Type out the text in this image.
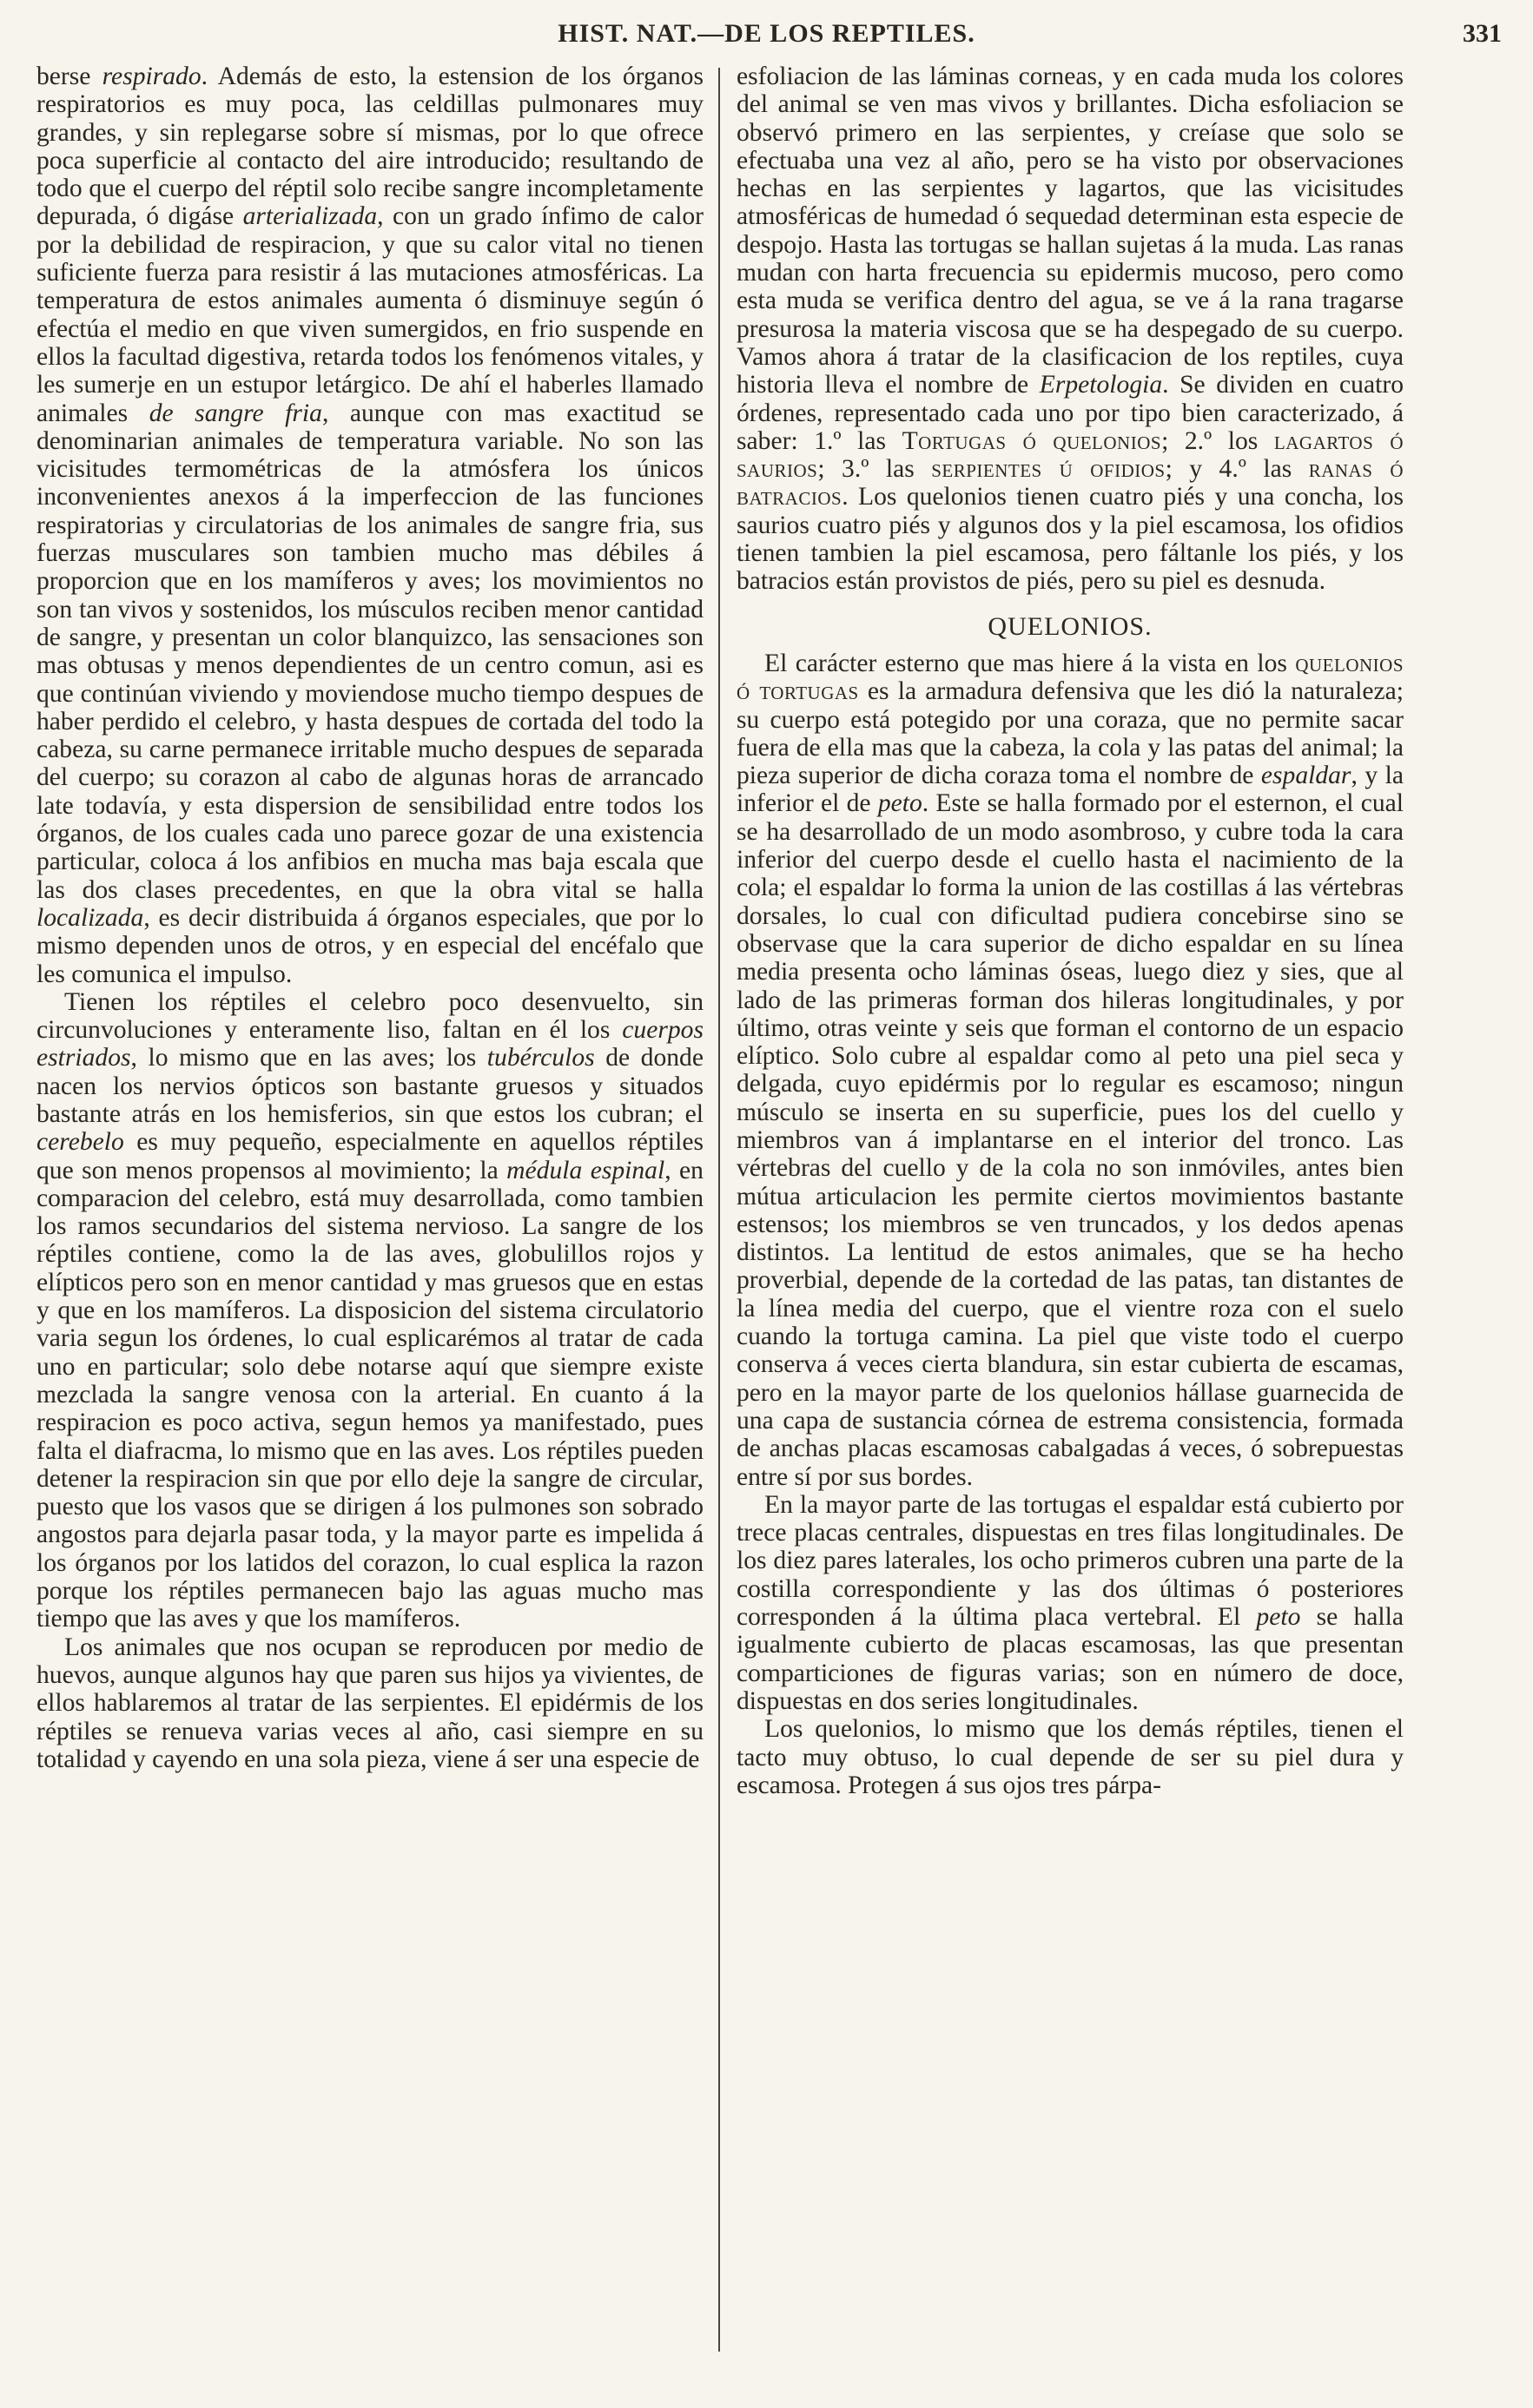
HIST. NAT.—DE LOS REPTILES.	331

berse respirado. Además de esto, la estension de los órganos respiratorios es muy poca, las celdillas pulmonares muy grandes, y sin replegarse sobre sí mismas, por lo que ofrece poca superficie al contacto del aire introducido; resultando de todo que el cuerpo del réptil solo recibe sangre incompletamente depurada, ó digáse arterializada, con un grado ínfimo de calor por la debilidad de respiracion, y que su calor vital no tienen suficiente fuerza para resistir á las mutaciones atmosféricas. La temperatura de estos animales aumenta ó disminuye según ó efectúa el medio en que viven sumergidos, en frio suspende en ellos la facultad digestiva, retarda todos los fenómenos vitales, y les sumerje en un estupor letárgico. De ahí el haberles llamado animales de sangre fria, aunque con mas exactitud se denominarian animales de temperatura variable. No son las vicisitudes termométricas de la atmósfera los únicos inconvenientes anexos á la imperfeccion de las funciones respiratorias y circulatorias de los animales de sangre fria, sus fuerzas musculares son tambien mucho mas débiles á proporcion que en los mamíferos y aves; los movimientos no son tan vivos y sostenidos, los músculos reciben menor cantidad de sangre, y presentan un color blanquizco, las sensaciones son mas obtusas y menos dependientes de un centro comun, asi es que continúan viviendo y moviendose mucho tiempo despues de haber perdido el celebro, y hasta despues de cortada del todo la cabeza, su carne permanece irritable mucho despues de separada del cuerpo; su corazon al cabo de algunas horas de arrancado late todavía, y esta dispersion de sensibilidad entre todos los órganos, de los cuales cada uno parece gozar de una existencia particular, coloca á los anfibios en mucha mas baja escala que las dos clases precedentes, en que la obra vital se halla localizada, es decir distribuida á órganos especiales, que por lo mismo dependen unos de otros, y en especial del encéfalo que les comunica el impulso.

Tienen los réptiles el celebro poco desenvuelto, sin circunvoluciones y enteramente liso, faltan en él los cuerpos estriados, lo mismo que en las aves; los tubérculos de donde nacen los nervios ópticos son bastante gruesos y situados bastante atrás en los hemisferios, sin que estos los cubran; el cerebelo es muy pequeño, especialmente en aquellos réptiles que son menos propensos al movimiento; la médula espinal, en comparacion del celebro, está muy desarrollada, como tambien los ramos secundarios del sistema nervioso. La sangre de los réptiles contiene, como la de las aves, globulillos rojos y elípticos pero son en menor cantidad y mas gruesos que en estas y que en los mamíferos. La disposicion del sistema circulatorio varia segun los órdenes, lo cual esplicarémos al tratar de cada uno en particular; solo debe notarse aquí que siempre existe mezclada la sangre venosa con la arterial. En cuanto á la respiracion es poco activa, segun hemos ya manifestado, pues falta el diafracma, lo mismo que en las aves. Los réptiles pueden detener la respiracion sin que por ello deje la sangre de circular, puesto que los vasos que se dirigen á los pulmones son sobrado angostos para dejarla pasar toda, y la mayor parte es impelida á los órganos por los latidos del corazon, lo cual esplica la razon porque los réptiles permanecen bajo las aguas mucho mas tiempo que las aves y que los mamíferos.

Los animales que nos ocupan se reproducen por medio de huevos, aunque algunos hay que paren sus hijos ya vivientes, de ellos hablaremos al tratar de las serpientes. El epidérmis de los réptiles se renueva varias veces al año, casi siempre en su totalidad y cayendo en una sola pieza, viene á ser una especie de

esfoliacion de las láminas corneas, y en cada muda los colores del animal se ven mas vivos y brillantes. Dicha esfoliacion se observó primero en las serpientes, y creíase que solo se efectuaba una vez al año, pero se ha visto por observaciones hechas en las serpientes y lagartos, que las vicisitudes atmosféricas de humedad ó sequedad determinan esta especie de despojo. Hasta las tortugas se hallan sujetas á la muda. Las ranas mudan con harta frecuencia su epidermis mucoso, pero como esta muda se verifica dentro del agua, se ve á la rana tragarse presurosa la materia viscosa que se ha despegado de su cuerpo. Vamos ahora á tratar de la clasificacion de los reptiles, cuya historia lleva el nombre de Erpetologia. Se dividen en cuatro órdenes, representado cada uno por tipo bien caracterizado, á saber: 1.º las Tortugas ó quelonios; 2.º los lagartos ó saurios; 3.º las serpientes ú ofidios; y 4.º las ranas ó batracios. Los quelonios tienen cuatro piés y una concha, los saurios cuatro piés y algunos dos y la piel escamosa, los ofidios tienen tambien la piel escamosa, pero fáltanle los piés, y los batracios están provistos de piés, pero su piel es desnuda.

QUELONIOS.

El carácter esterno que mas hiere á la vista en los quelonios ó tortugas es la armadura defensiva que les dió la naturaleza; su cuerpo está potegido por una coraza, que no permite sacar fuera de ella mas que la cabeza, la cola y las patas del animal; la pieza superior de dicha coraza toma el nombre de espaldar, y la inferior el de peto. Este se halla formado por el esternon, el cual se ha desarrollado de un modo asombroso, y cubre toda la cara inferior del cuerpo desde el cuello hasta el nacimiento de la cola; el espaldar lo forma la union de las costillas á las vértebras dorsales, lo cual con dificultad pudiera concebirse sino se observase que la cara superior de dicho espaldar en su línea media presenta ocho láminas óseas, luego diez y sies, que al lado de las primeras forman dos hileras longitudinales, y por último, otras veinte y seis que forman el contorno de un espacio elíptico. Solo cubre al espaldar como al peto una piel seca y delgada, cuyo epidérmis por lo regular es escamoso; ningun músculo se inserta en su superficie, pues los del cuello y miembros van á implantarse en el interior del tronco. Las vértebras del cuello y de la cola no son inmóviles, antes bien mútua articulacion les permite ciertos movimientos bastante estensos; los miembros se ven truncados, y los dedos apenas distintos. La lentitud de estos animales, que se ha hecho proverbial, depende de la cortedad de las patas, tan distantes de la línea media del cuerpo, que el vientre roza con el suelo cuando la tortuga camina. La piel que viste todo el cuerpo conserva á veces cierta blandura, sin estar cubierta de escamas, pero en la mayor parte de los quelonios hállase guarnecida de una capa de sustancia córnea de estrema consistencia, formada de anchas placas escamosas cabalgadas á veces, ó sobrepuestas entre sí por sus bordes.

En la mayor parte de las tortugas el espaldar está cubierto por trece placas centrales, dispuestas en tres filas longitudinales. De los diez pares laterales, los ocho primeros cubren una parte de la costilla correspondiente y las dos últimas ó posteriores corresponden á la última placa vertebral. El peto se halla igualmente cubierto de placas escamosas, las que presentan comparticiones de figuras varias; son en número de doce, dispuestas en dos series longitudinales.

Los quelonios, lo mismo que los demás réptiles, tienen el tacto muy obtuso, lo cual depende de ser su piel dura y escamosa. Protegen á sus ojos tres párpa-
